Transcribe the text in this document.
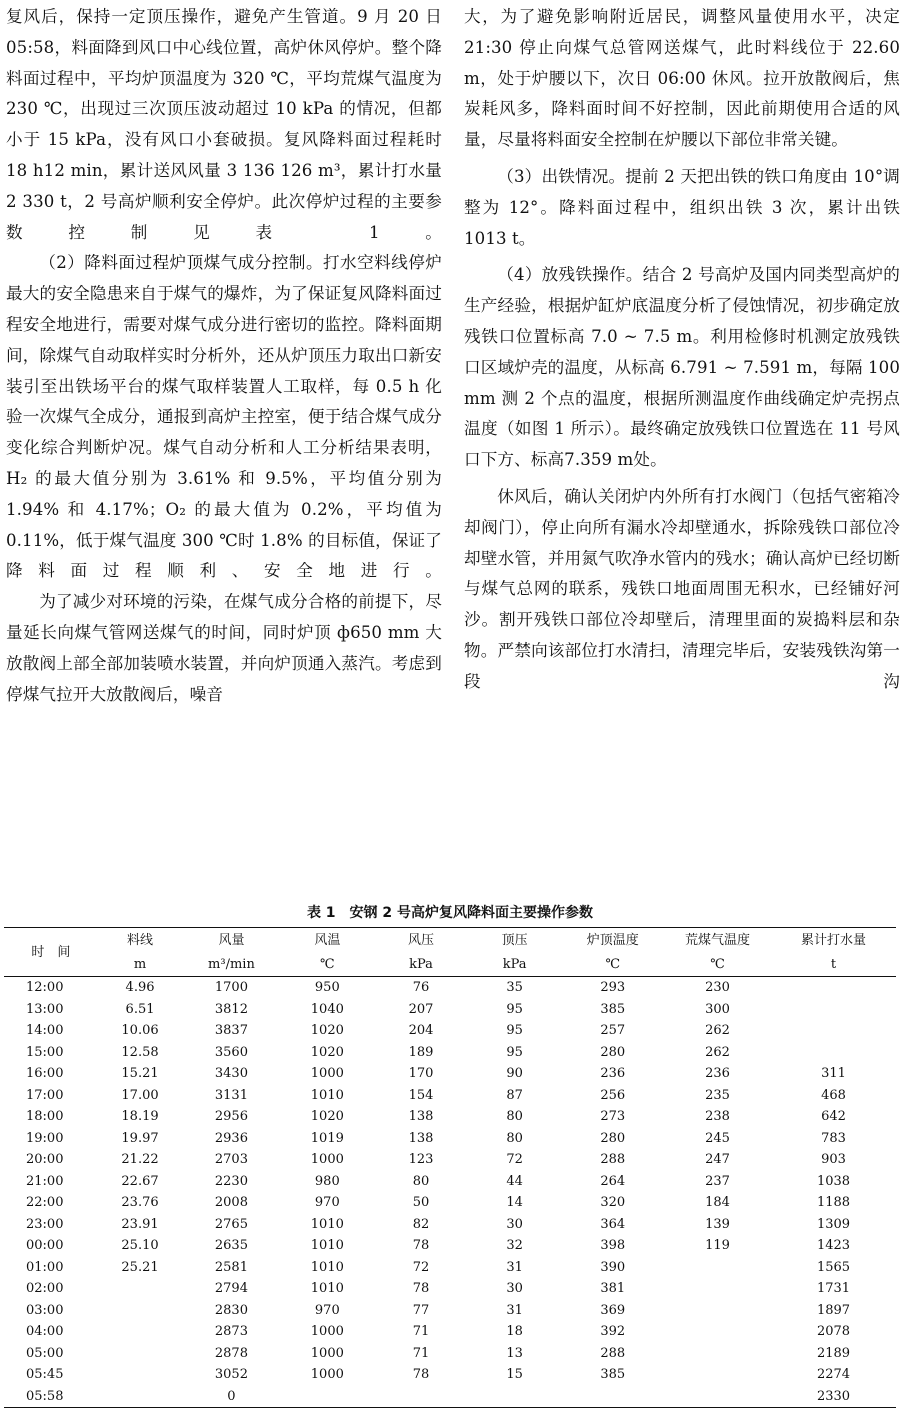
复风后，保持一定顶压操作，避免产生管道。9 月 20 日 05:58，料面降到风口中心线位置，高炉休风停炉。整个降料面过程中，平均炉顶温度为 320 ℃，平均荒煤气温度为 230 ℃，出现过三次顶压波动超过 10 kPa 的情况，但都小于 15 kPa，没有风口小套破损。复风降料面过程耗时 18 h12 min，累计送风风量 3 136 126 m³，累计打水量 2 330 t，2 号高炉顺利安全停炉。此次停炉过程的主要参数控制见表 1。

（2）降料面过程炉顶煤气成分控制。打水空料线停炉最大的安全隐患来自于煤气的爆炸，为了保证复风降料面过程安全地进行，需要对煤气成分进行密切的监控。降料面期间，除煤气自动取样实时分析外，还从炉顶压力取出口新安装引至出铁场平台的煤气取样装置人工取样，每 0.5 h 化验一次煤气全成分，通报到高炉主控室，便于结合煤气成分变化综合判断炉况。煤气自动分析和人工分析结果表明，H₂ 的最大值分别为 3.61% 和 9.5%，平均值分别为 1.94% 和 4.17%；O₂ 的最大值为 0.2%，平均值为 0.11%，低于煤气温度 300 ℃时 1.8% 的目标值，保证了降料面过程顺利、安全地进行。

为了减少对环境的污染，在煤气成分合格的前提下，尽量延长向煤气管网送煤气的时间，同时炉顶 ф650 mm 大放散阀上部全部加装喷水装置，并向炉顶通入蒸汽。考虑到停煤气拉开大放散阀后，噪音

大，为了避免影响附近居民，调整风量使用水平，决定 21:30 停止向煤气总管网送煤气，此时料线位于 22.60 m，处于炉腰以下，次日 06:00 休风。拉开放散阀后，焦炭耗风多，降料面时间不好控制，因此前期使用合适的风量，尽量将料面安全控制在炉腰以下部位非常关键。

（3）出铁情况。提前 2 天把出铁的铁口角度由 10°调整为 12°。降料面过程中，组织出铁 3 次，累计出铁 1013 t。

（4）放残铁操作。结合 2 号高炉及国内同类型高炉的生产经验，根据炉缸炉底温度分析了侵蚀情况，初步确定放残铁口位置标高 7.0 ~ 7.5 m。利用检修时机测定放残铁口区域炉壳的温度，从标高 6.791 ~ 7.591 m，每隔 100 mm 测 2 个点的温度，根据所测温度作曲线确定炉壳拐点温度（如图 1 所示）。最终确定放残铁口位置选在 11 号风口下方、标高7.359 m处。

休风后，确认关闭炉内外所有打水阀门（包括气密箱冷却阀门），停止向所有漏水冷却壁通水，拆除残铁口部位冷却壁水管，并用氮气吹净水管内的残水；确认高炉已经切断与煤气总网的联系，残铁口地面周围无积水，已经铺好河沙。割开残铁口部位冷却壁后，清理里面的炭捣料层和杂物。严禁向该部位打水清扫，清理完毕后，安装残铁沟第一段沟

表 1　安钢 2 号高炉复风降料面主要操作参数
时　间	料线	风量	风温	风压	顶压	炉顶温度	荒煤气温度	累计打水量
	m	m³/min	℃	kPa	kPa	℃	℃	t
12:00	4.96	1700	950	76	35	293	230	
13:00	6.51	3812	1040	207	95	385	300	
14:00	10.06	3837	1020	204	95	257	262	
15:00	12.58	3560	1020	189	95	280	262	
16:00	15.21	3430	1000	170	90	236	236	311
17:00	17.00	3131	1010	154	87	256	235	468
18:00	18.19	2956	1020	138	80	273	238	642
19:00	19.97	2936	1019	138	80	280	245	783
20:00	21.22	2703	1000	123	72	288	247	903
21:00	22.67	2230	980	80	44	264	237	1038
22:00	23.76	2008	970	50	14	320	184	1188
23:00	23.91	2765	1010	82	30	364	139	1309
00:00	25.10	2635	1010	78	32	398	119	1423
01:00	25.21	2581	1010	72	31	390		1565
02:00		2794	1010	78	30	381		1731
03:00		2830	970	77	31	369		1897
04:00		2873	1000	71	18	392		2078
05:00		2878	1000	71	13	288		2189
05:45		3052	1000	78	15	385		2274
05:58		0						2330
